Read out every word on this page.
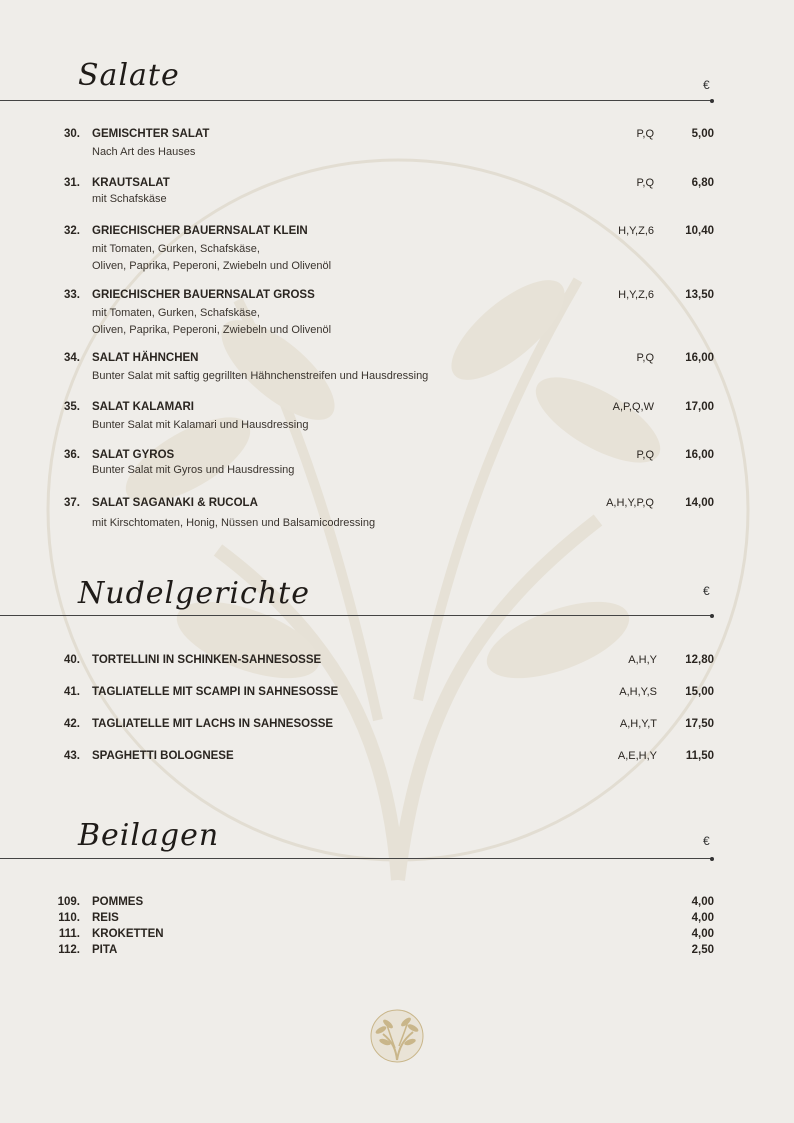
Salate	€
30. GEMISCHTER SALAT
Nach Art des Hauses
P,Q	5,00
31. KRAUTSALAT
mit Schafskäse
P,Q	6,80
32. GRIECHISCHER BAUERNSALAT KLEIN
mit Tomaten, Gurken, Schafskäse,
Oliven, Paprika, Peperoni, Zwiebeln und Olivenöl
H,Y,Z,6	10,40
33. GRIECHISCHER BAUERNSALAT GROSS
mit Tomaten, Gurken, Schafskäse,
Oliven, Paprika, Peperoni, Zwiebeln und Olivenöl
H,Y,Z,6	13,50
34. SALAT HÄHNCHEN
Bunter Salat mit saftig gegrillten Hähnchenstreifen und Hausdressing
P,Q	16,00
35. SALAT KALAMARI
Bunter Salat mit Kalamari und Hausdressing
A,P,Q,W	17,00
36. SALAT GYROS
Bunter Salat mit Gyros und Hausdressing
P,Q	16,00
37. SALAT SAGANAKI & RUCOLA
mit Kirschtomaten, Honig, Nüssen und Balsamicodressing
A,H,Y,P,Q	14,00
Nudelgerichte	€
40. TORTELLINI IN SCHINKEN-SAHNESOSSE	A,H,Y 12,80
41. TAGLIATELLE MIT SCAMPI IN SAHNESOSSE	A,H,Y,S 15,00
42. TAGLIATELLE MIT LACHS IN SAHNESOSSE	A,H,Y,T 17,50
43. SPAGHETTI BOLOGNESE	A,E,H,Y	11,50
Beilagen	€
109. POMMES	4,00
110. REIS	4,00
111. KROKETTEN	4,00
112. PITA	2,50
